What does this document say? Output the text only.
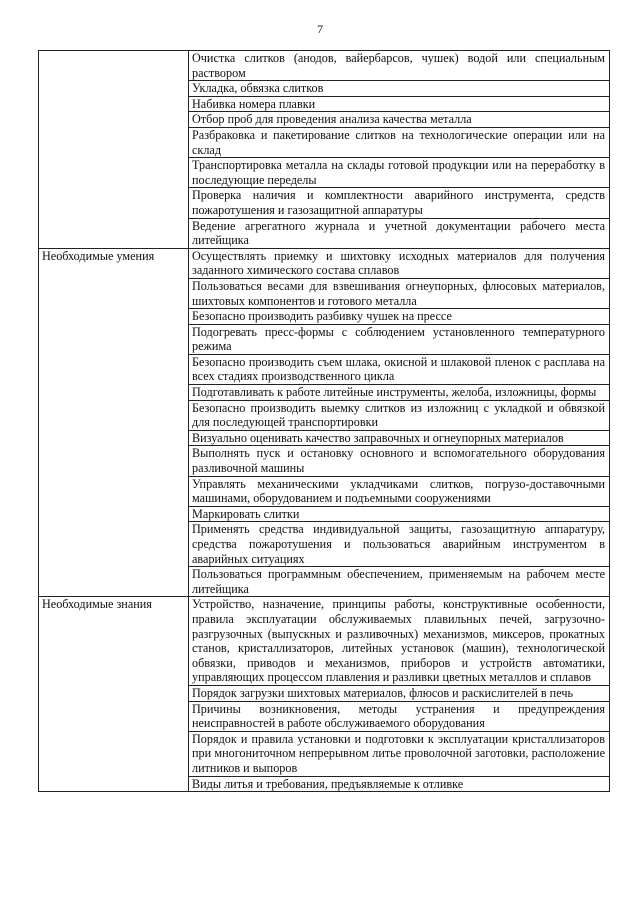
7
	Очистка слитков (анодов, вайербарсов, чушек) водой или специальным раствором
	Укладка, обвязка слитков
	Набивка номера плавки
	Отбор проб для проведения анализа качества металла
	Разбраковка и пакетирование слитков на технологические операции или на склад
	Транспортировка металла на склады готовой продукции или на переработку в последующие переделы
	Проверка наличия и комплектности аварийного инструмента, средств пожаротушения и газозащитной аппаратуры
	Ведение агрегатного журнала и учетной документации рабочего места литейщика
Необходимые умения	Осуществлять приемку и шихтовку исходных материалов для получения заданного химического состава сплавов
	Пользоваться весами для взвешивания огнеупорных, флюсовых материалов, шихтовых компонентов и готового металла
	Безопасно производить разбивку чушек на прессе
	Подогревать пресс-формы с соблюдением установленного температурного режима
	Безопасно производить съем шлака, окисной и шлаковой пленок с расплава на всех стадиях производственного цикла
	Подготавливать к работе литейные инструменты, желоба, изложницы, формы
	Безопасно производить выемку слитков из изложниц с укладкой и обвязкой для последующей транспортировки
	Визуально оценивать качество заправочных и огнеупорных материалов
	Выполнять пуск и остановку основного и вспомогательного оборудования разливочной машины
	Управлять механическими укладчиками слитков, погрузо-доставочными машинами, оборудованием и подъемными сооружениями
	Маркировать слитки
	Применять средства индивидуальной защиты, газозащитную аппаратуру, средства пожаротушения и пользоваться аварийным инструментом в аварийных ситуациях
	Пользоваться программным обеспечением, применяемым на рабочем месте литейщика
Необходимые знания	Устройство, назначение, принципы работы, конструктивные особенности, правила эксплуатации обслуживаемых плавильных печей, загрузочно-разгрузочных (выпускных и разливочных) механизмов, миксеров, прокатных станов, кристаллизаторов, литейных установок (машин), технологической обвязки, приводов и механизмов, приборов и устройств автоматики, управляющих процессом плавления и разливки цветных металлов и сплавов
	Порядок загрузки шихтовых материалов, флюсов и раскислителей в печь
	Причины возникновения, методы устранения и предупреждения неисправностей в работе обслуживаемого оборудования
	Порядок и правила установки и подготовки к эксплуатации кристаллизаторов при многониточном непрерывном литье проволочной заготовки, расположение литников и выпоров
	Виды литья и требования, предъявляемые к отливке
